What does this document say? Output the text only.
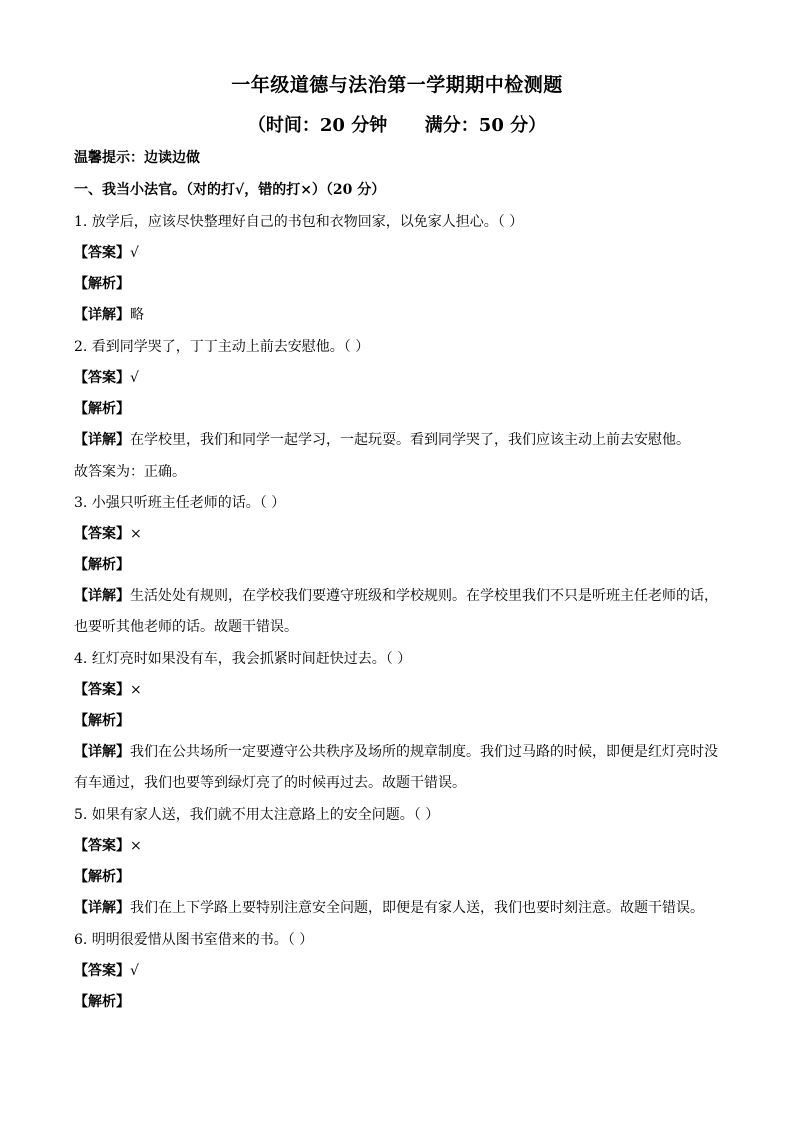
一年级道德与法治第一学期期中检测题
（时间：20 分钟      满分：50 分）
温馨提示：边读边做
一、我当小法官。（对的打√，错的打×）（20 分）
1. 放学后，应该尽快整理好自己的书包和衣物回家，以免家人担心。（ ）
【答案】√
【解析】
【详解】略
2. 看到同学哭了，丁丁主动上前去安慰他。（ ）
【答案】√
【解析】
【详解】在学校里，我们和同学一起学习，一起玩耍。看到同学哭了，我们应该主动上前去安慰他。
故答案为：正确。
3. 小强只听班主任老师的话。（ ）
【答案】×
【解析】
【详解】生活处处有规则，在学校我们要遵守班级和学校规则。在学校里我们不只是听班主任老师的话，也要听其他老师的话。故题干错误。
4. 红灯亮时如果没有车，我会抓紧时间赶快过去。（ ）
【答案】×
【解析】
【详解】我们在公共场所一定要遵守公共秩序及场所的规章制度。我们过马路的时候，即便是红灯亮时没有车通过，我们也要等到绿灯亮了的时候再过去。故题干错误。
5. 如果有家人送，我们就不用太注意路上的安全问题。（ ）
【答案】×
【解析】
【详解】我们在上下学路上要特别注意安全问题，即便是有家人送，我们也要时刻注意。故题干错误。
6. 明明很爱惜从图书室借来的书。（ ）
【答案】√
【解析】
